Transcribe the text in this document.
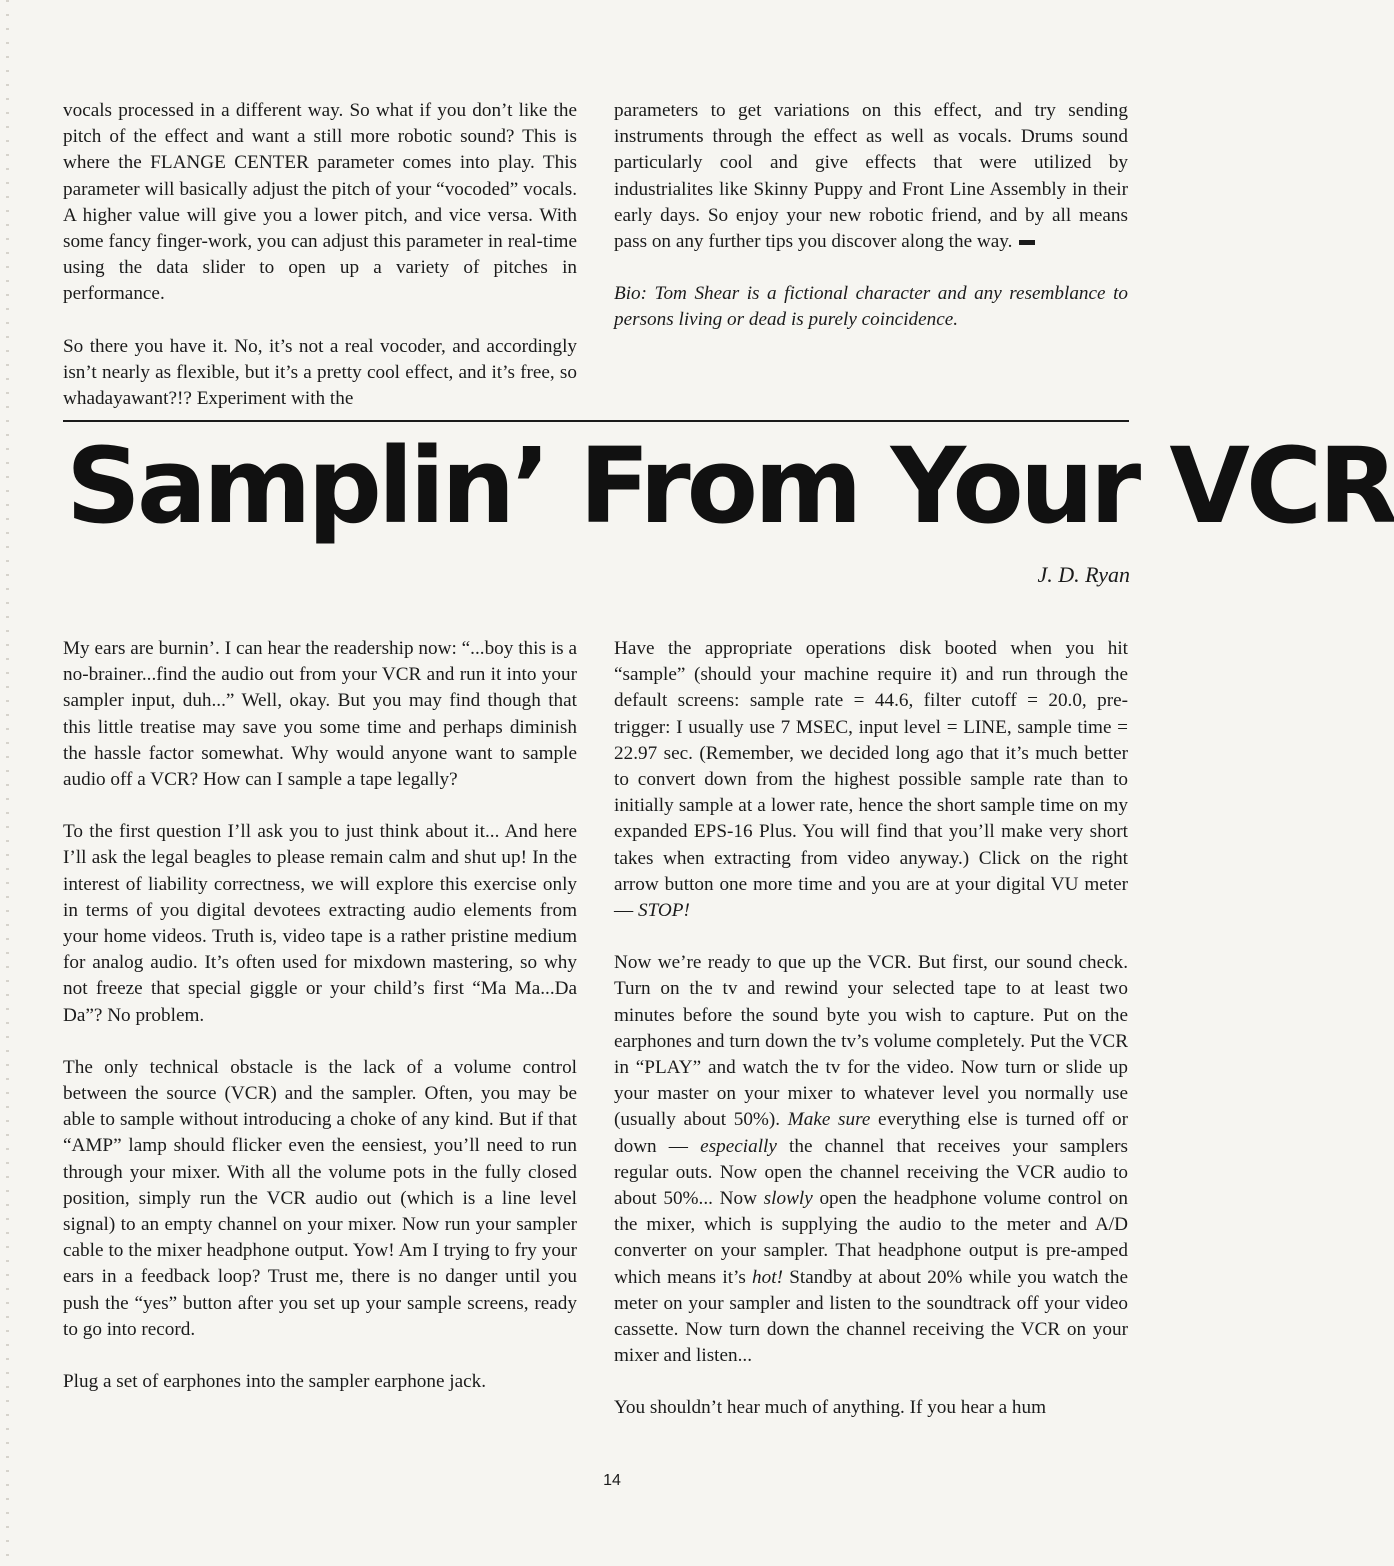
vocals processed in a different way. So what if you don’t like the pitch of the effect and want a still more robotic sound? This is where the FLANGE CENTER parameter comes into play. This parameter will basically adjust the pitch of your “vocoded” vocals. A higher value will give you a lower pitch, and vice versa. With some fancy finger-work, you can adjust this parameter in real-time using the data slider to open up a variety of pitches in performance.

So there you have it. No, it’s not a real vocoder, and accordingly isn’t nearly as flexible, but it’s a pretty cool effect, and it’s free, so whadayawant?!? Experiment with the

parameters to get variations on this effect, and try sending instruments through the effect as well as vocals. Drums sound particularly cool and give effects that were utilized by industrialites like Skinny Puppy and Front Line Assembly in their early days. So enjoy your new robotic friend, and by all means pass on any further tips you discover along the way.

Bio: Tom Shear is a fictional character and any resemblance to persons living or dead is purely coincidence.

Samplin’ From Your VCR
J. D. Ryan

My ears are burnin’. I can hear the readership now: “...boy this is a no-brainer...find the audio out from your VCR and run it into your sampler input, duh...” Well, okay. But you may find though that this little treatise may save you some time and perhaps diminish the hassle factor somewhat. Why would anyone want to sample audio off a VCR? How can I sample a tape legally?

To the first question I’ll ask you to just think about it... And here I’ll ask the legal beagles to please remain calm and shut up! In the interest of liability correctness, we will explore this exercise only in terms of you digital devotees extracting audio elements from your home videos. Truth is, video tape is a rather pristine medium for analog audio. It’s often used for mixdown mastering, so why not freeze that special giggle or your child’s first “Ma Ma...Da Da”? No problem.

The only technical obstacle is the lack of a volume control between the source (VCR) and the sampler. Often, you may be able to sample without introducing a choke of any kind. But if that “AMP” lamp should flicker even the eensiest, you’ll need to run through your mixer. With all the volume pots in the fully closed position, simply run the VCR audio out (which is a line level signal) to an empty channel on your mixer. Now run your sampler cable to the mixer headphone output. Yow! Am I trying to fry your ears in a feedback loop? Trust me, there is no danger until you push the “yes” button after you set up your sample screens, ready to go into record.

Plug a set of earphones into the sampler earphone jack.

Have the appropriate operations disk booted when you hit “sample” (should your machine require it) and run through the default screens: sample rate = 44.6, filter cutoff = 20.0, pre-trigger: I usually use 7 MSEC, input level = LINE, sample time = 22.97 sec. (Remember, we decided long ago that it’s much better to convert down from the highest possible sample rate than to initially sample at a lower rate, hence the short sample time on my expanded EPS-16 Plus. You will find that you’ll make very short takes when extracting from video anyway.) Click on the right arrow button one more time and you are at your digital VU meter — STOP!

Now we’re ready to que up the VCR. But first, our sound check. Turn on the tv and rewind your selected tape to at least two minutes before the sound byte you wish to capture. Put on the earphones and turn down the tv’s volume completely. Put the VCR in “PLAY” and watch the tv for the video. Now turn or slide up your master on your mixer to whatever level you normally use (usually about 50%). Make sure everything else is turned off or down — especially the channel that receives your samplers regular outs. Now open the channel receiving the VCR audio to about 50%... Now slowly open the headphone volume control on the mixer, which is supplying the audio to the meter and A/D converter on your sampler. That headphone output is pre-amped which means it’s hot! Standby at about 20% while you watch the meter on your sampler and listen to the soundtrack off your video cassette. Now turn down the channel receiving the VCR on your mixer and listen...

You shouldn’t hear much of anything. If you hear a hum

14
